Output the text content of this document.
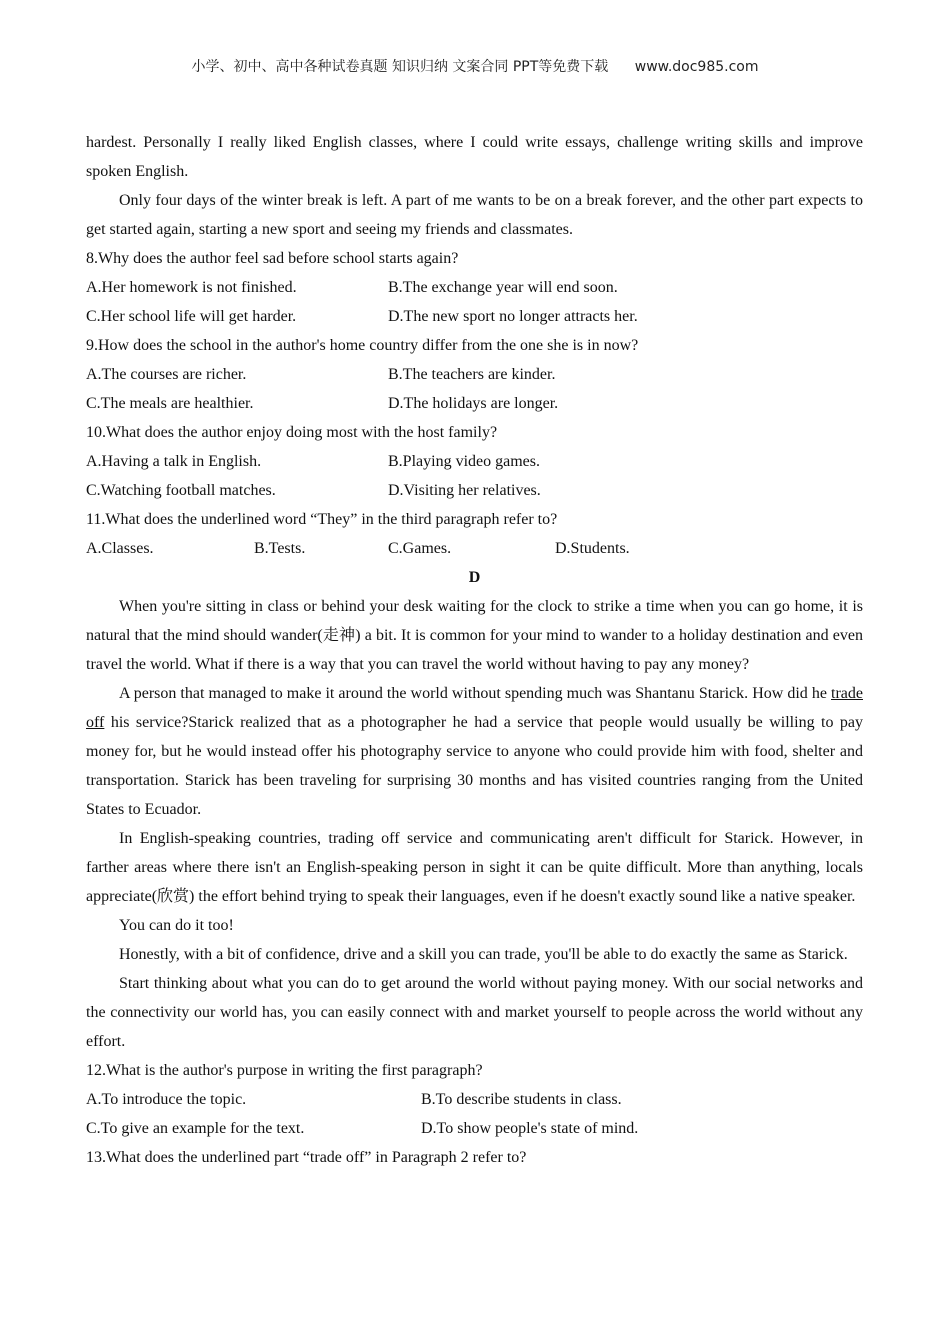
小学、初中、高中各种试卷真题 知识归纳 文案合同 PPT等免费下载 www.doc985.com

hardest. Personally I really liked English classes, where I could write essays, challenge writing skills and improve spoken English.

Only four days of the winter break is left. A part of me wants to be on a break forever, and the other part expects to get started again, starting a new sport and seeing my friends and classmates.

8.Why does the author feel sad before school starts again?

A.Her homework is not finished.	B.The exchange year will end soon.
C.Her school life will get harder.	D.The new sport no longer attracts her.

9.How does the school in the author's home country differ from the one she is in now?

A.The courses are richer.	B.The teachers are kinder.
C.The meals are healthier.	D.The holidays are longer.

10.What does the author enjoy doing most with the host family?

A.Having a talk in English.	B.Playing video games.
C.Watching football matches.	D.Visiting her relatives.

11.What does the underlined word “They” in the third paragraph refer to?

A.Classes.	B.Tests.	C.Games.	D.Students.

D

When you're sitting in class or behind your desk waiting for the clock to strike a time when you can go home, it is natural that the mind should wander(走神) a bit. It is common for your mind to wander to a holiday destination and even travel the world. What if there is a way that you can travel the world without having to pay any money?

A person that managed to make it around the world without spending much was Shantanu Starick. How did he trade off his service?Starick realized that as a photographer he had a service that people would usually be willing to pay money for, but he would instead offer his photography service to anyone who could provide him with food, shelter and transportation. Starick has been traveling for surprising 30 months and has visited countries ranging from the United States to Ecuador.

In English-speaking countries, trading off service and communicating aren't difficult for Starick. However, in farther areas where there isn't an English-speaking person in sight it can be quite difficult. More than anything, locals appreciate(欣赏) the effort behind trying to speak their languages, even if he doesn't exactly sound like a native speaker.

You can do it too!

Honestly, with a bit of confidence, drive and a skill you can trade, you'll be able to do exactly the same as Starick.

Start thinking about what you can do to get around the world without paying money. With our social networks and the connectivity our world has, you can easily connect with and market yourself to people across the world without any effort.

12.What is the author's purpose in writing the first paragraph?

A.To introduce the topic.	B.To describe students in class.
C.To give an example for the text.	D.To show people's state of mind.

13.What does the underlined part “trade off” in Paragraph 2 refer to?
